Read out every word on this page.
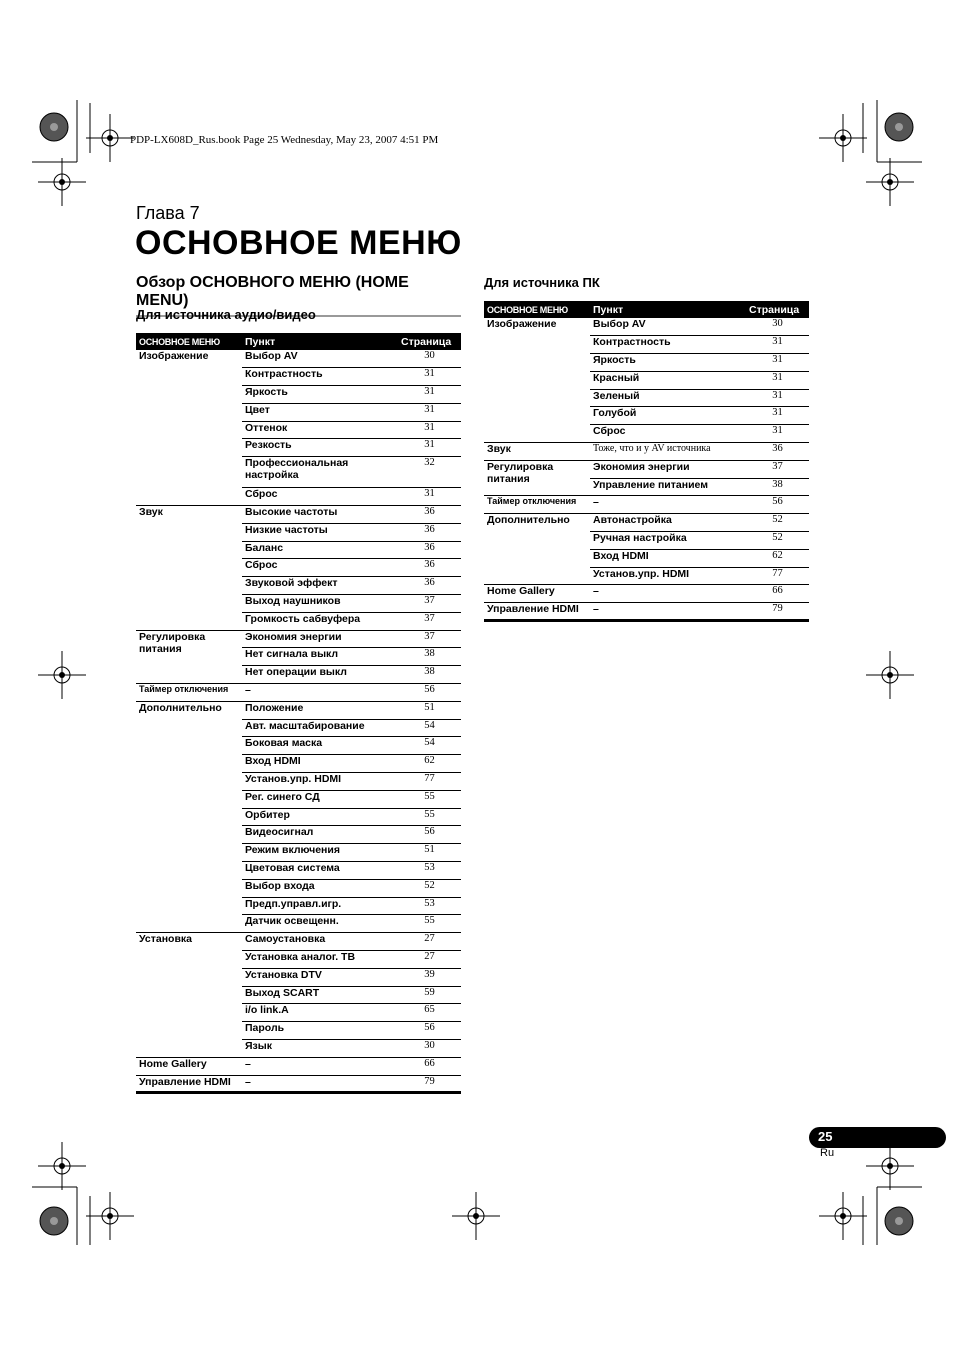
PDP-LX608D_Rus.book Page 25 Wednesday, May 23, 2007 4:51 PM
Глава 7
ОСНОВНОЕ МЕНЮ
Обзор ОСНОВНОГО МЕНЮ (HOME MENU)
Для источника аудио/видео
Для источника ПК
ОСНОВНОЕ МЕНЮ	Пункт	Страница
Изображение	Выбор AV	30
	Контрастность	31
	Яркость	31
	Цвет	31
	Оттенок	31
	Резкость	31
	Профессиональная настройка	32
	Сброс	31
Звук	Высокие частоты	36
	Низкие частоты	36
	Баланс	36
	Сброс	36
	Звуковой эффект	36
	Выход наушников	37
	Громкость сабвуфера	37
Регулировка питания	Экономия энергии	37
	Нет сигнала выкл	38
	Нет операции выкл	38
Таймер отключения	–	56
Дополнительно	Положение	51
	Авт. масштабирование	54
	Боковая маска	54
	Вход HDMI	62
	Установ.упр. HDMI	77
	Рег. синего СД	55
	Орбитер	55
	Видеосигнал	56
	Режим включения	51
	Цветовая система	53
	Выбор входа	52
	Предп.управл.игр.	53
	Датчик освещенн.	55
Установка	Самоустановка	27
	Установка аналог. ТВ	27
	Установка DTV	39
	Выход SCART	59
	i/o link.A	65
	Пароль	56
	Язык	30
Home Gallery	–	66
Управление HDMI	–	79
ОСНОВНОЕ МЕНЮ	Пункт	Страница
Изображение	Выбор AV	30
	Контрастность	31
	Яркость	31
	Красный	31
	Зеленый	31
	Голубой	31
	Сброс	31
Звук	Тоже, что и у AV источника	36
Регулировка питания	Экономия энергии	37
	Управление питанием	38
Таймер отключения	–	56
Дополнительно	Автонастройка	52
	Ручная настройка	52
	Вход HDMI	62
	Установ.упр. HDMI	77
Home Gallery	–	66
Управление HDMI	–	79
25
Ru
